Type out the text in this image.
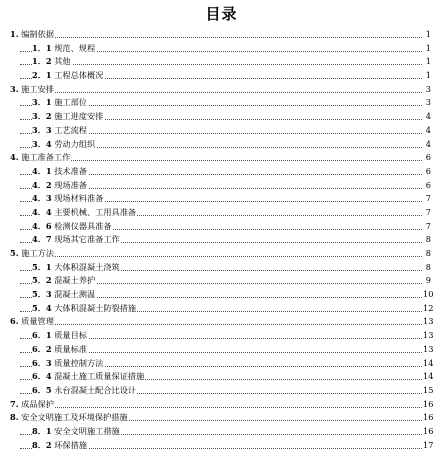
目录
1. 编制依据	1
1．1 规范、规程	1
1．2 其他	1
2．1 工程总体概况	1
3. 施工安排	3
3．1 施工部位	3
3．2 施工进度安排	4
3．3 工艺流程	4
3．4 劳动力组织	4
4. 施工准备工作	6
4．1 技术准备	6
4．2 现场准备	6
4．3 现场材料准备	7
4．4 主要机械、工用具准备	7
4．6 检测仪器具准备	7
4．7 现场其它准备工作	8
5. 施工方法	8
5．1 大体积混凝土浇筑	8
5．2 混凝土养护	9
5．3 混凝土测温	10
5．4 大体积混凝土防裂措施	12
6. 质量管理	13
6．1 质量目标	13
6．2 质量标准	13
6．3 质量控制方法	14
6．4 混凝土施工质量保证措施	14
6．5 永台混凝土配合比设计	15
7. 成品保护	16
8. 安全文明施工及环境保护措施	16
8．1 安全文明施工措施	16
8．2 环保措施	17
